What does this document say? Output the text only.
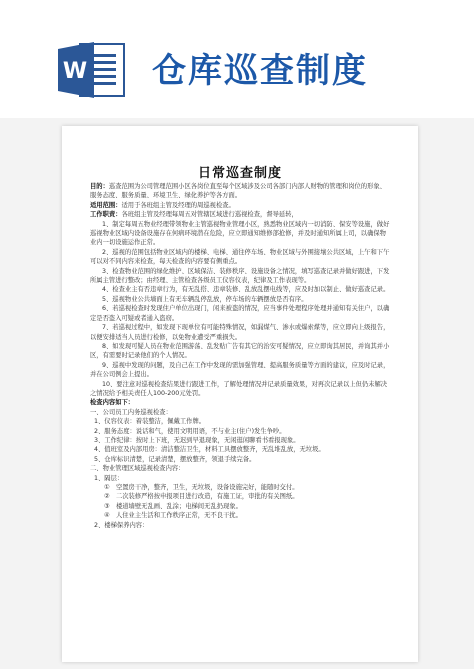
W 仓库巡查制度
日常巡查制度

目的：巡查范围为公司管理范围小区各岗位直至每个区域涉及公司各部门内部人财物的管理和岗位的形象、服务态度、服务质量、环境卫生、绿化养护等各方面。

适用范围：适用于各班组主管及经理的周巡视检查。

工作职责：各班组主管及经理每周五对管辖区域进行巡视检查，督导延转，

1、制定每周五物业经理带领物业主管巡视物业管理小区，熟悉物业区域内一切消防、保安等设施，做好巡视物业区域内设备设施存在何病环境潜在危险，应立即通知维修部抢修，并及时通知所属上司，以确保物业内一切设施运作正常。

2、巡视的范围包括物业区域内的楼梯、电梯、通往停车场、物业区域与外围接壤公共区域，上午和下午可以对不同内容来检查，每天检查的内容要有侧重点。

3、检查物业范围的绿化维护、区域保洁、装修秩序、设施设备之情况，填写巡查记录并做好跟进，下发所属主管进行整改；由经理、主管检查各级员工仪容仪表，纪律及工作表现等。

4、检查业主有否违章行为，有无乱搭、违章装修、乱放乱摆电线等，应及时加以制止、做好巡查记录。

5、巡视物业公共墙面上有无车辆乱停乱放，停车场的车辆摆放是否有序。

6、若巡视检查时发现住户单位出现门，闲来被盗的情况，应当事件处理程序处理并通知有关住户，以确定是否盗入可疑或者通入盗窃。

7、若巡视过程中，如发现下现单位有可能特殊情况，如漏煤气、渗水或爆索煤等，应立即向上级报告，以便安排适当人员进行检修，以免物业遭受严重损失。

8、如发现可疑人员在物业范围游荡、乱发贴广告有其它的治安可疑情况，应立即询其居民，并询其并小区，有需要时记录他们的个人情况。

9、巡视中发现的问题，及自己在工作中发现的需加强管理、提高服务质量等方面的建议，应及时记录，并在公司例会上提出。

10、要注意对巡视检查结果进行跟进工作，了解处理情况并记录质量效果，对再次记录以上但仍未解决之情况给予相关责任人100-200元处罚。

检查内容如下：

一、公司员工内务巡视检查：

1、仪容仪表：着装整洁，佩戴工作牌。

2、服务态度：说话和气，使用文明用语，不与业主(住户)发生争吵。

3、工作纪律：按时上下班，无迟到早退现象，无闲逛闲聊看书看报现象。

4、值班室及内部用房：清洁整洁卫生，材料工具摆放整齐，无乱堆乱放，无垃圾。

5、仓库标识清楚，记录清楚，摆放整齐，领退手续完备。

二、物业管理区域巡视检查内容：

1、隔层：

①　空置房干净，整齐，卫生，无垃圾，设备设施完好，能随时交付。

②　二次装修严格按申报项目进行改造，有施工证，审批的有关图纸。

③　楼道墙壁无乱画、乱涂；电梯间无乱扔现象。

④　人住业主生活和工作秩序正常，无不良干扰。

2、楼梯保养内容：
